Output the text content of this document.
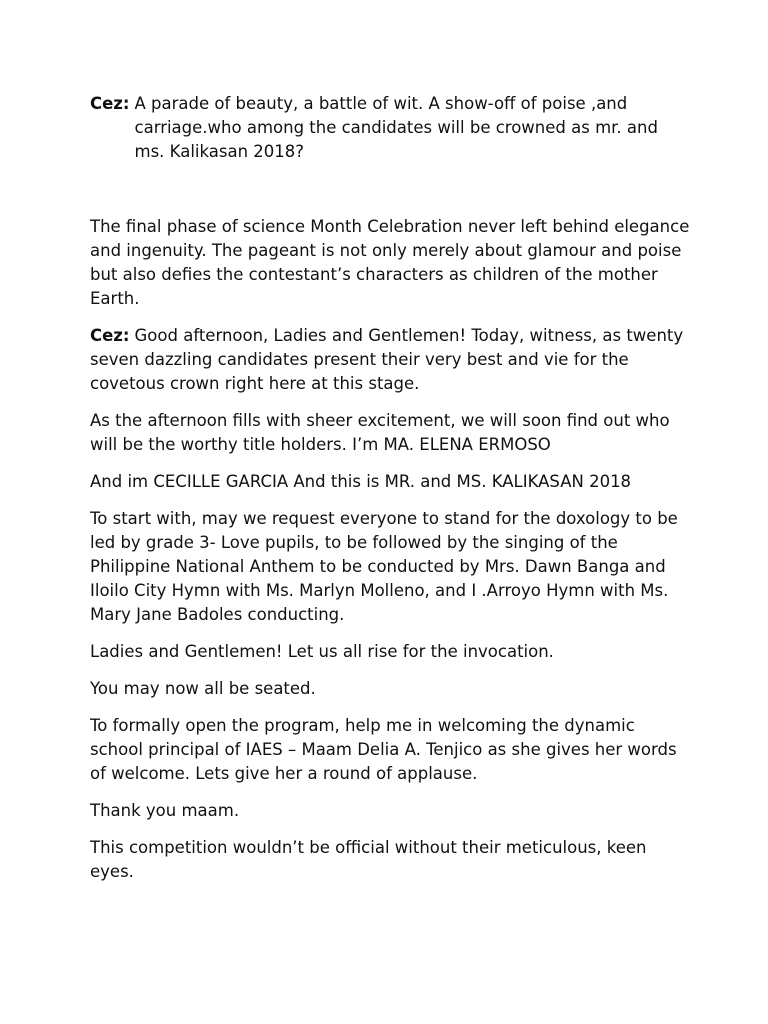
Cez: A parade of beauty, a battle of wit. A show-off of poise ,and carriage.who among the candidates will be crowned as mr. and ms. Kalikasan 2018?

The final phase of science Month Celebration never left behind elegance and ingenuity. The pageant is not only merely about glamour and poise but also defies the contestant’s characters as children of the mother Earth.

Cez: Good afternoon, Ladies and Gentlemen! Today, witness, as twenty seven dazzling candidates present their very best and vie for the covetous crown right here at this stage.

As the afternoon fills with sheer excitement, we will soon find out who will be the worthy title holders. I’m MA. ELENA ERMOSO

And im CECILLE GARCIA And this is MR. and MS. KALIKASAN 2018

To start with, may we request everyone to stand for the doxology to be led by grade 3- Love pupils, to be followed by the singing of the Philippine National Anthem to be conducted by Mrs. Dawn Banga and Iloilo City Hymn with Ms. Marlyn Molleno, and I .Arroyo Hymn with Ms. Mary Jane Badoles conducting.

Ladies and Gentlemen! Let us all rise for the invocation.

You may now all be seated.

To formally open the program, help me in welcoming the dynamic school principal of IAES – Maam Delia A. Tenjico as she gives her words of welcome. Lets give her a round of applause.

Thank you maam.

This competition wouldn’t be official without their meticulous, keen eyes.
